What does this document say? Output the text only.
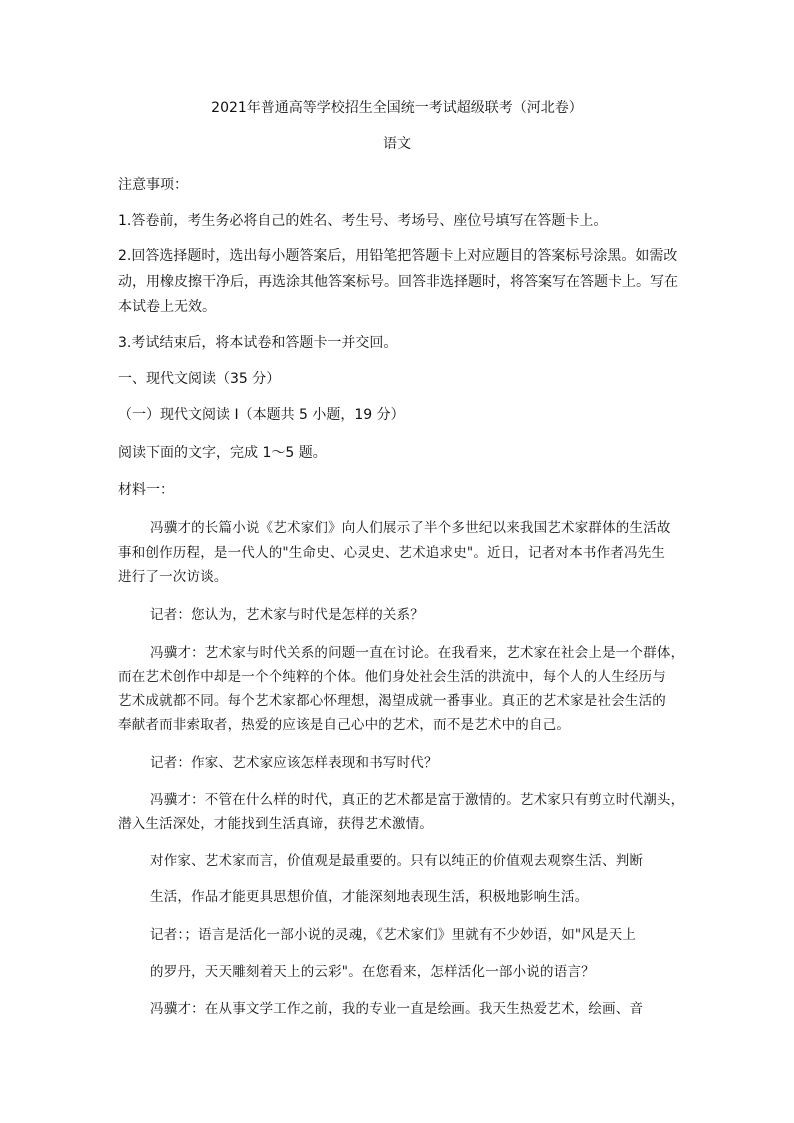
2021年普通高等学校招生全国统一考试超级联考（河北卷）

语文

注意事项：

1.答卷前，考生务必将自己的姓名、考生号、考场号、座位号填写在答题卡上。

2.回答选择题时，选出每小题答案后，用铅笔把答题卡上对应题目的答案标号涂黑。如需改

动，用橡皮擦干净后，再选涂其他答案标号。回答非选择题时，将答案写在答题卡上。写在

本试卷上无效。

3.考试结束后，将本试卷和答题卡一并交回。

一、现代文阅读（35 分）

（一）现代文阅读 I（本题共 5 小题，19 分）

阅读下面的文字，完成 1～5 题。

材料一：

冯骥才的长篇小说《艺术家们》向人们展示了半个多世纪以来我国艺术家群体的生活故

事和创作历程，是一代人的"生命史、心灵史、艺术追求史"。近日，记者对本书作者冯先生

进行了一次访谈。

记者：您认为，艺术家与时代是怎样的关系？

冯骥才：艺术家与时代关系的问题一直在讨论。在我看来，艺术家在社会上是一个群体，

而在艺术创作中却是一个个纯粹的个体。他们身处社会生活的洪流中，每个人的人生经历与

艺术成就都不同。每个艺术家都心怀理想，渴望成就一番事业。真正的艺术家是社会生活的

奉献者而非索取者，热爱的应该是自己心中的艺术，而不是艺术中的自己。

记者：作家、艺术家应该怎样表现和书写时代？

冯骥才：不管在什么样的时代，真正的艺术都是富于激情的。艺术家只有剪立时代潮头，

潜入生活深处，才能找到生活真谛，获得艺术激情。

对作家、艺术家而言，价值观是最重要的。只有以纯正的价值观去观察生活、判断

生活，作品才能更具思想价值，才能深刻地表现生活，积极地影响生活。

记者：；语言是活化一部小说的灵魂，《艺术家们》里就有不少妙语，如"风是天上

的罗丹，天天雕刻着天上的云彩"。在您看来，怎样活化一部小说的语言？

冯骥才：在从事文学工作之前，我的专业一直是绘画。我天生热爱艺术，绘画、音
